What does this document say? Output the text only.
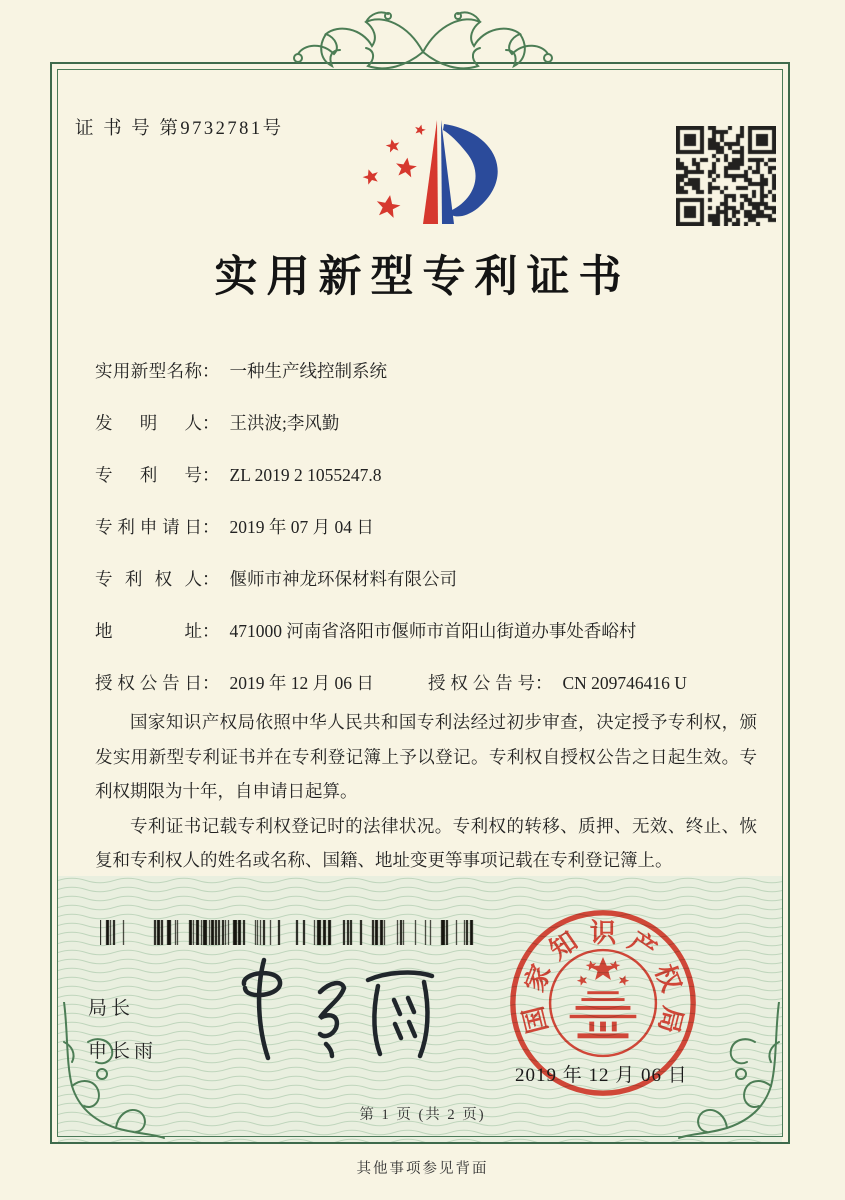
证 书 号 第9732781号
实用新型专利证书
实用新型名称： 一种生产线控制系统
发明人： 王洪波;李风勤
专利号： ZL 2019 2 1055247.8
专利申请日： 2019 年 07 月 04 日
专利权人： 偃师市神龙环保材料有限公司
地址： 471000 河南省洛阳市偃师市首阳山街道办事处香峪村
授权公告日： 2019 年 12 月 06 日	授权公告号： CN 209746416 U

国家知识产权局依照中华人民共和国专利法经过初步审查，决定授予专利权，颁发实用新型专利证书并在专利登记簿上予以登记。专利权自授权公告之日起生效。专利权期限为十年，自申请日起算。

专利证书记载专利权登记时的法律状况。专利权的转移、质押、无效、终止、恢复和专利权人的姓名或名称、国籍、地址变更等事项记载在专利登记簿上。

局长
申长雨
国
家
知 识 产
权
局
2019 年 12 月 06 日
第 1 页 (共 2 页)
其他事项参见背面
